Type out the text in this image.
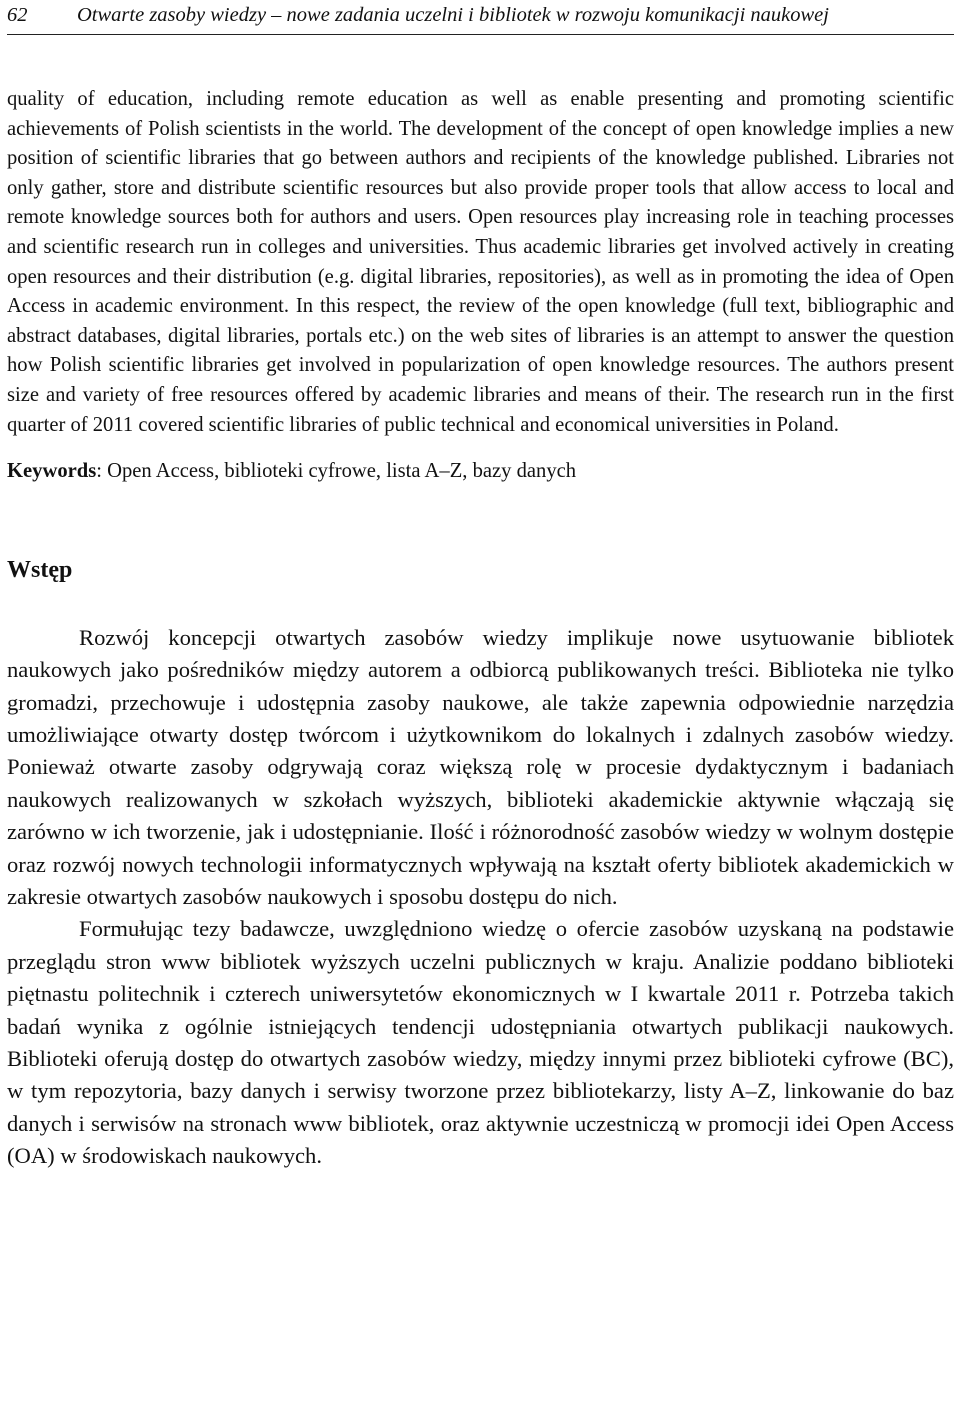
62	Otwarte zasoby wiedzy – nowe zadania uczelni i bibliotek w rozwoju komunikacji naukowej

quality of education, including remote education as well as enable presenting and promoting scientific achievements of Polish scientists in the world. The development of the concept of open knowledge implies a new position of scientific libraries that go between authors and recipients of the knowledge published. Libraries not only gather, store and distribute scientific resources but also provide proper tools that allow access to local and remote knowledge sources both for authors and users. Open resources play increasing role in teaching processes and scientific research run in colleges and universities. Thus academic libraries get involved actively in creating open resources and their distribution (e.g. digital libraries, repositories), as well as in promoting the idea of Open Access in academic environment. In this respect, the review of the open knowledge (full text, bibliographic and abstract databases, digital libraries, portals etc.) on the web sites of libraries is an attempt to answer the question how Polish scientific libraries get involved in popularization of open knowledge resources. The authors present size and variety of free resources offered by academic libraries and means of their. The research run in the first quarter of 2011 covered scientific libraries of public technical and economical universities in Poland.

Keywords: Open Access, biblioteki cyfrowe, lista A–Z, bazy danych

Wstęp

Rozwój koncepcji otwartych zasobów wiedzy implikuje nowe usytuowanie bibliotek naukowych jako pośredników między autorem a odbiorcą publikowanych treści. Biblioteka nie tylko gromadzi, przechowuje i udostępnia zasoby naukowe, ale także zapewnia odpowiednie narzędzia umożliwiające otwarty dostęp twórcom i użytkownikom do lokalnych i zdalnych zasobów wiedzy. Ponieważ otwarte zasoby odgrywają coraz większą rolę w procesie dydaktycznym i badaniach naukowych realizowanych w szkołach wyższych, biblioteki akademickie aktywnie włączają się zarówno w ich tworzenie, jak i udostępnianie. Ilość i różnorodność zasobów wiedzy w wolnym dostępie oraz rozwój nowych technologii informatycznych wpływają na kształt oferty bibliotek akademickich w zakresie otwartych zasobów naukowych i sposobu dostępu do nich.

Formułując tezy badawcze, uwzględniono wiedzę o ofercie zasobów uzyskaną na podstawie przeglądu stron www bibliotek wyższych uczelni publicznych w kraju. Analizie poddano biblioteki piętnastu politechnik i czterech uniwersytetów ekonomicznych w I kwartale 2011 r. Potrzeba takich badań wynika z ogólnie istniejących tendencji udostępniania otwartych publikacji naukowych. Biblioteki oferują dostęp do otwartych zasobów wiedzy, między innymi przez biblioteki cyfrowe (BC), w tym repozytoria, bazy danych i serwisy tworzone przez bibliotekarzy, listy A–Z, linkowanie do baz danych i serwisów na stronach www bibliotek, oraz aktywnie uczestniczą w promocji idei Open Access (OA) w środowiskach naukowych.
